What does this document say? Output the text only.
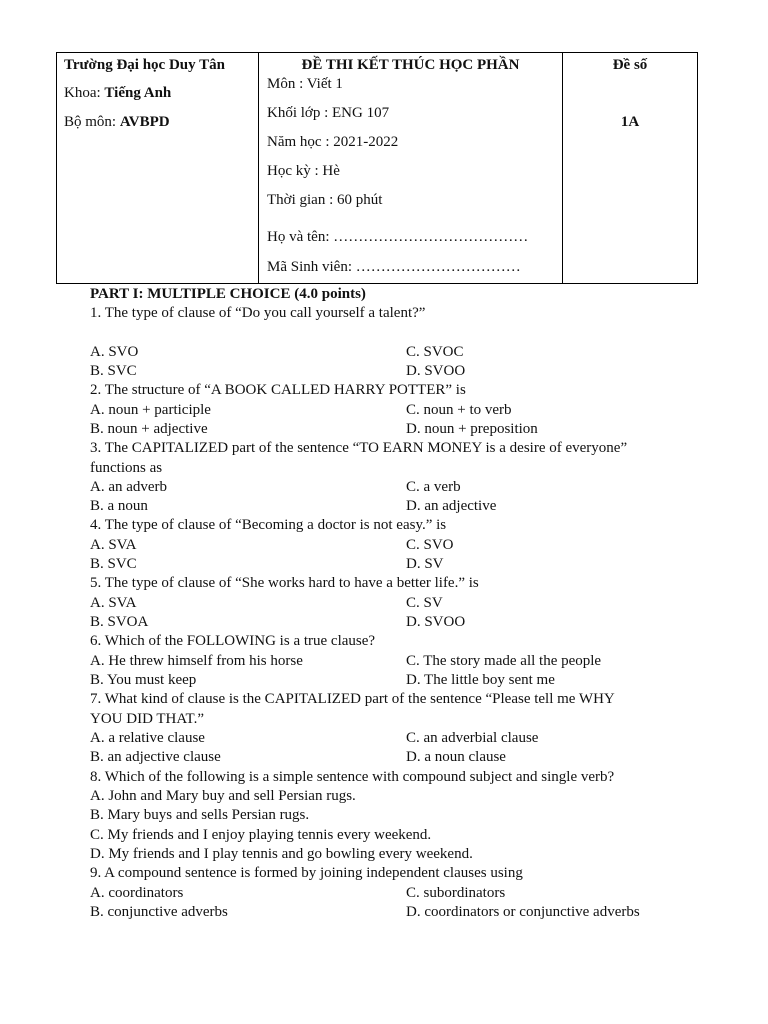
Trường Đại học Duy Tân
Khoa: Tiếng Anh
Bộ môn: AVBPD
ĐỀ THI KẾT THÚC HỌC PHẦN
Môn : Viết 1
Khối lớp : ENG 107
Năm học : 2021-2022
Học kỳ : Hè
Thời gian : 60 phút
Họ và tên: …………………………………
Mã Sinh viên: ……………………………
Đề số
1A
PART I: MULTIPLE CHOICE (4.0 points)
1. The type of clause of “Do you call yourself a talent?”
A. SVO	C. SVOC
B. SVC	D. SVOO
2. The structure of “A BOOK CALLED HARRY POTTER” is
A. noun + participle	C. noun + to verb
B. noun + adjective	D. noun + preposition
3. The CAPITALIZED part of the sentence “TO EARN MONEY is a desire of everyone”
functions as
A. an adverb	C. a verb
B. a noun	D. an adjective
4. The type of clause of “Becoming a doctor is not easy.” is
A. SVA	C. SVO
B. SVC	D. SV
5. The type of clause of “She works hard to have a better life.” is
A. SVA	C. SV
B. SVOA	D. SVOO
6. Which of the FOLLOWING is a true clause?
A. He threw himself from his horse	C. The story made all the people
B. You must keep	D. The little boy sent me
7. What kind of clause is the CAPITALIZED part of the sentence “Please tell me WHY
YOU DID THAT.”
A. a relative clause	C. an adverbial clause
B. an adjective clause	D. a noun clause
8. Which of the following is a simple sentence with compound subject and single verb?
A. John and Mary buy and sell Persian rugs.
B. Mary buys and sells Persian rugs.
C. My friends and I enjoy playing tennis every weekend.
D. My friends and I play tennis and go bowling every weekend.
9. A compound sentence is formed by joining independent clauses using
A. coordinators	C. subordinators
B. conjunctive adverbs	D. coordinators or conjunctive adverbs
